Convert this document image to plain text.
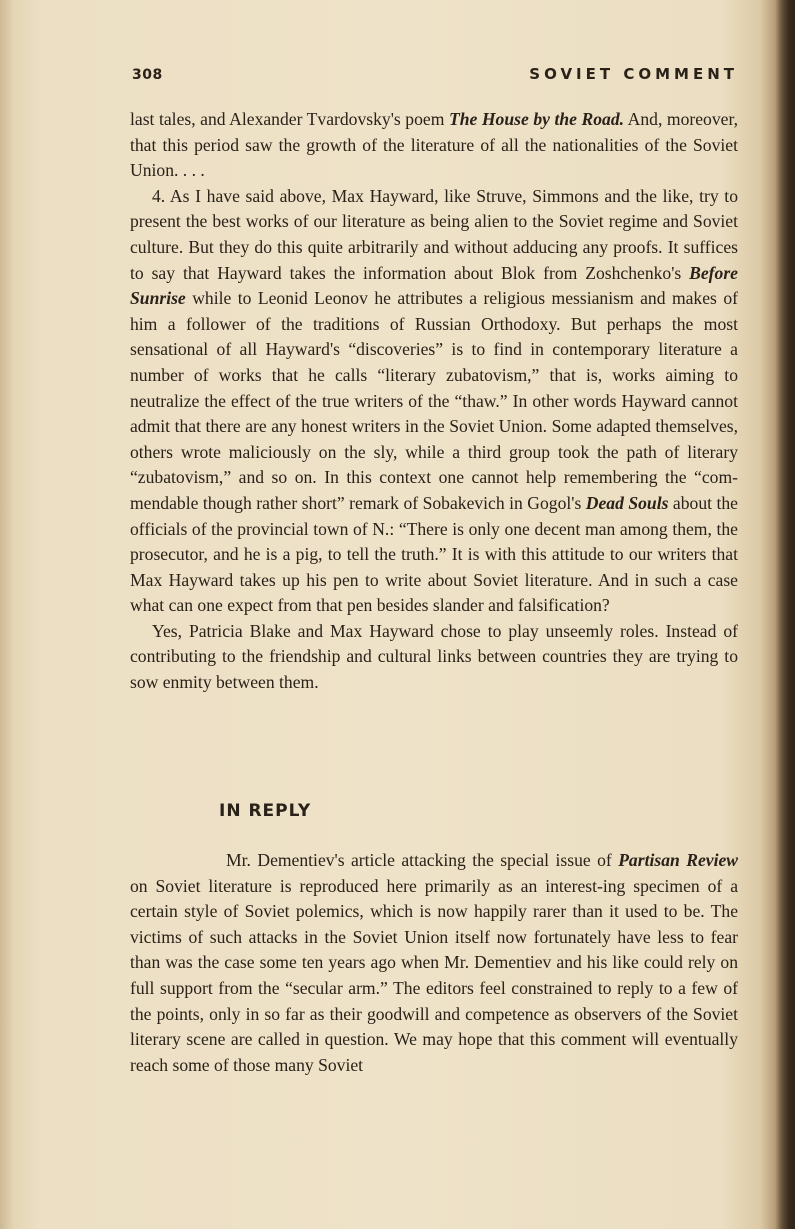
308	SOVIET COMMENT

last tales, and Alexander Tvardovsky's poem The House by the Road. And, moreover, that this period saw the growth of the literature of all the nationalities of the Soviet Union. . . .

4. As I have said above, Max Hayward, like Struve, Simmons and the like, try to present the best works of our literature as being alien to the Soviet regime and Soviet culture. But they do this quite arbitrarily and without adducing any proofs. It suffices to say that Hayward takes the information about Blok from Zoshchenko's Before Sunrise while to Leonid Leonov he attributes a religious messianism and makes of him a follower of the traditions of Russian Orthodoxy. But perhaps the most sensational of all Hayward's “discoveries” is to find in contemporary literature a number of works that he calls “literary zubatovism,” that is, works aiming to neutralize the effect of the true writers of the “thaw.” In other words Hayward cannot admit that there are any honest writers in the Soviet Union. Some adapted themselves, others wrote maliciously on the sly, while a third group took the path of literary “zubatovism,” and so on. In this context one cannot help remembering the “com-mendable though rather short” remark of Sobakevich in Gogol's Dead Souls about the officials of the provincial town of N.: “There is only one decent man among them, the prosecutor, and he is a pig, to tell the truth.” It is with this attitude to our writers that Max Hayward takes up his pen to write about Soviet literature. And in such a case what can one expect from that pen besides slander and falsification?

Yes, Patricia Blake and Max Hayward chose to play unseemly roles. Instead of contributing to the friendship and cultural links between countries they are trying to sow enmity between them.

IN REPLY

Mr. Dementiev's article attacking the special issue of Partisan Review on Soviet literature is reproduced here primarily as an interest-ing specimen of a certain style of Soviet polemics, which is now happily rarer than it used to be. The victims of such attacks in the Soviet Union itself now fortunately have less to fear than was the case some ten years ago when Mr. Dementiev and his like could rely on full support from the “secular arm.” The editors feel constrained to reply to a few of the points, only in so far as their goodwill and competence as observers of the Soviet literary scene are called in question. We may hope that this comment will eventually reach some of those many Soviet
